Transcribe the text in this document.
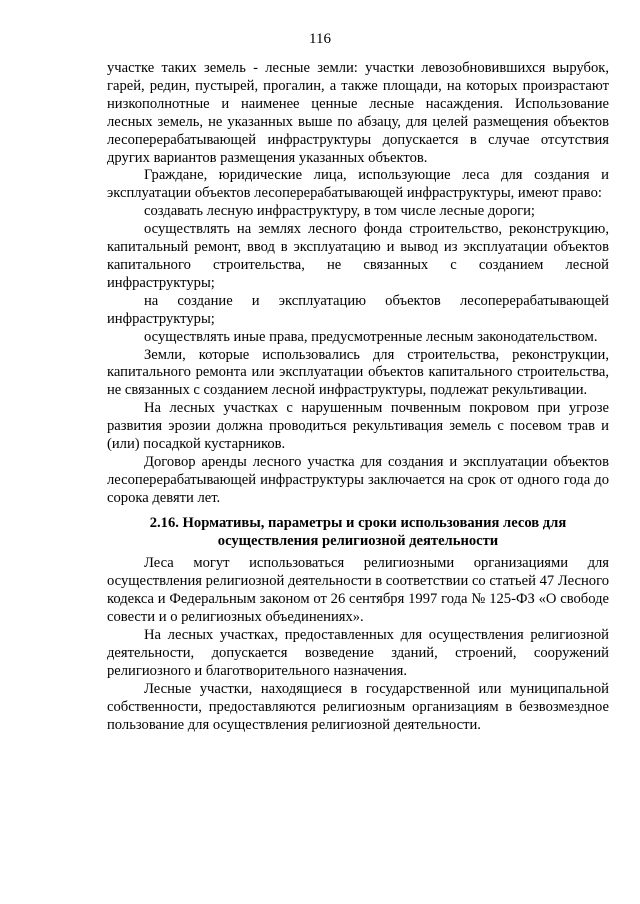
116

участке таких земель - лесные земли: участки левозобновившихся вырубок, гарей, редин, пустырей, прогалин, а также площади, на которых произрастают низкополнотные и наименее ценные лесные насаждения. Использование лесных земель, не указанных выше по абзацу, для целей размещения объектов лесоперерабатывающей инфраструктуры допускается в случае отсутствия других вариантов размещения указанных объектов.

Граждане, юридические лица, использующие леса для создания и эксплуатации объектов лесоперерабатывающей инфраструктуры, имеют право:

создавать лесную инфраструктуру, в том числе лесные дороги;

осуществлять на землях лесного фонда строительство, реконструкцию, капитальный ремонт, ввод в эксплуатацию и вывод из эксплуатации объектов капитального строительства, не связанных с созданием лесной инфраструктуры;

на создание и эксплуатацию объектов лесоперерабатывающей инфраструктуры;

осуществлять иные права, предусмотренные лесным законодательством.

Земли, которые использовались для строительства, реконструкции, капитального ремонта или эксплуатации объектов капитального строительства, не связанных с созданием лесной инфраструктуры, подлежат рекультивации.

На лесных участках с нарушенным почвенным покровом при угрозе развития эрозии должна проводиться рекультивация земель с посевом трав и (или) посадкой кустарников.

Договор аренды лесного участка для создания и эксплуатации объектов лесоперерабатывающей инфраструктуры заключается на срок от одного года до сорока девяти лет.

2.16. Нормативы, параметры и сроки использования лесов для
осуществления религиозной деятельности

Леса могут использоваться религиозными организациями для осуществления религиозной деятельности в соответствии со статьей 47 Лесного кодекса и Федеральным законом от 26 сентября 1997 года № 125-ФЗ «О свободе совести и о религиозных объединениях».

На лесных участках, предоставленных для осуществления религиозной деятельности, допускается возведение зданий, строений, сооружений религиозного и благотворительного назначения.

Лесные участки, находящиеся в государственной или муниципальной собственности, предоставляются религиозным организациям в безвозмездное пользование для осуществления религиозной деятельности.
